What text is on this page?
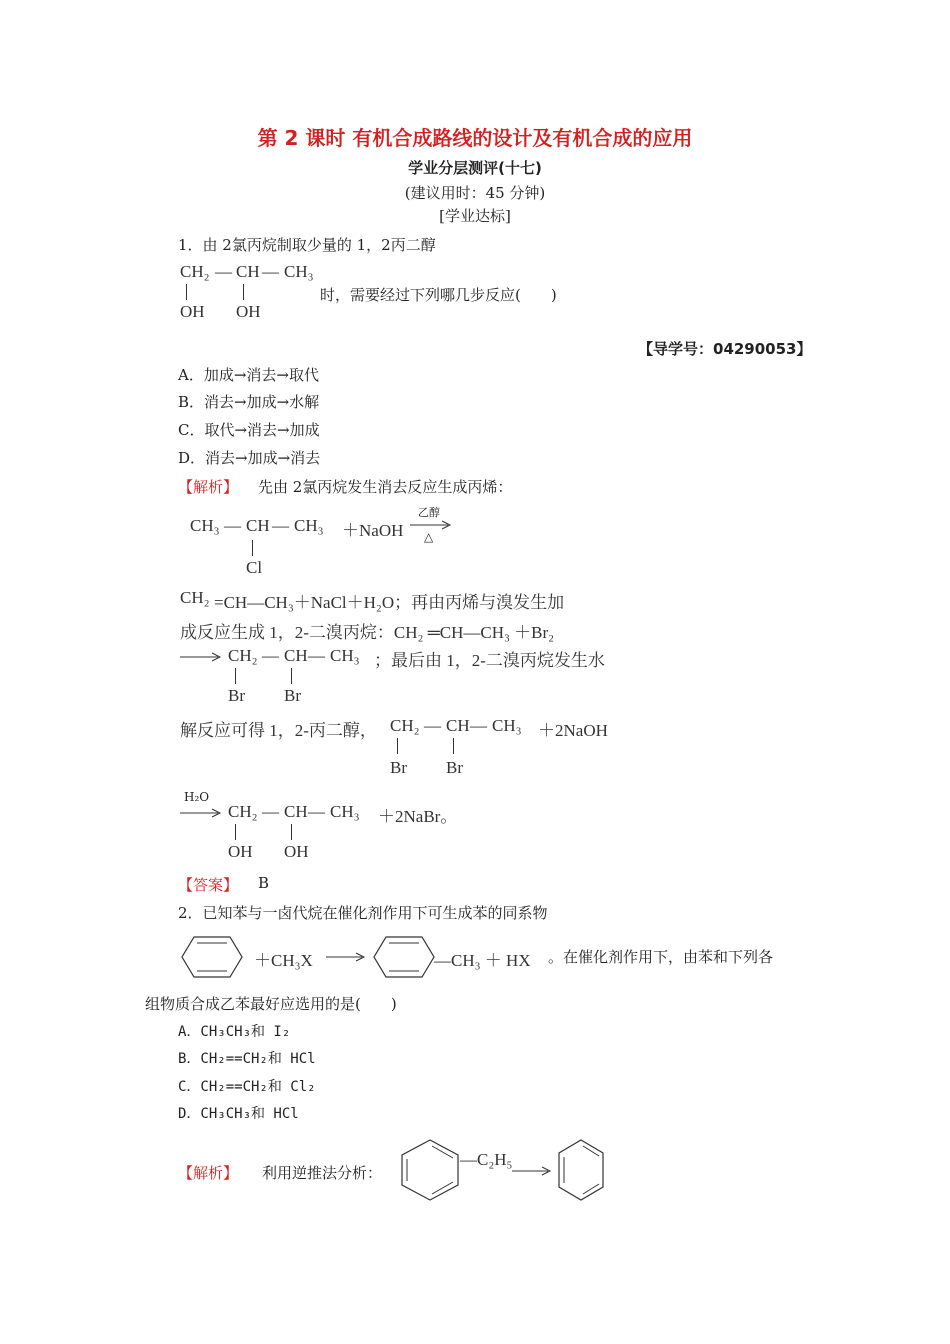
第 2 课时 有机合成路线的设计及有机合成的应用
学业分层测评(十七)
(建议用时：45 分钟)
[学业达标]
1．由 2氯丙烷制取少量的 1，2丙二醇
CH₂ — CH — CH₃
OH OH
时，需要经过下列哪几步反应(　　)
【导学号：04290053】
A．加成→消去→取代
B．消去→加成→水解
C．取代→消去→加成
D．消去→加成→消去
【解析】 先由 2氯丙烷发生消去反应生成丙烯：
CH₃ — CH — CH₃
Cl
＋NaOH
乙醇
△
CH₂ =CH—CH₃＋NaCl＋H₂O；再由丙烯与溴发生加
成反应生成 1，2-二溴丙烷：CH₂ ═CH—CH₃ ＋Br₂
→ CH₂ — CH — CH₃
Br Br
；最后由 1，2-二溴丙烷发生水
解反应可得 1，2-丙二醇， CH₂ — CH — CH₃
Br Br
＋2NaOH
H₂O
→ CH₂ — CH — CH₃
OH OH
＋2NaBr。
【答案】 B
2．已知苯与一卤代烷在催化剂作用下可生成苯的同系物
＋CH₃X →	—CH₃ ＋ HX 。在催化剂作用下，由苯和下列各
组物质合成乙苯最好应选用的是(　　)
A．CH₃CH₃和 I₂
B．CH₂==CH₂和 HCl
C．CH₂==CH₂和 Cl₂
D．CH₃CH₃和 HCl
【解析】 利用逆推法分析：
—C₂H₅
